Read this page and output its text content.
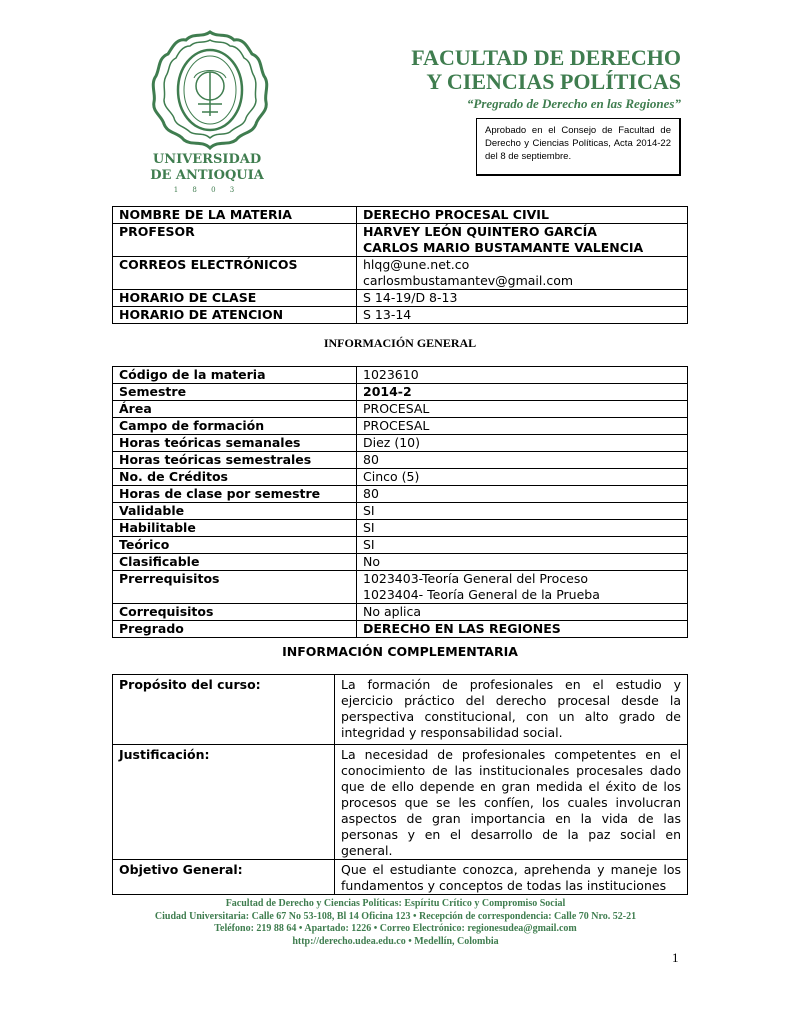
UNIVERSIDAD
DE ANTIOQUIA
1 8 0 3
FACULTAD DE DERECHO
Y CIENCIAS POLÍTICAS
“Pregrado de Derecho en las Regiones”
Aprobado en el Consejo de Facultad de Derecho y Ciencias Políticas, Acta 2014-22 del 8 de septiembre.
NOMBRE DE LA MATERIA	DERECHO PROCESAL CIVIL
PROFESOR	HARVEY LEÓN QUINTERO GARCÍA
CARLOS MARIO BUSTAMANTE VALENCIA

CORREOS ELECTRÓNICOS	hlqg@une.net.co
carlosmbustamantev@gmail.com

HORARIO DE CLASE	S 14-19/D 8-13
HORARIO DE ATENCION	S 13-14
INFORMACIÓN GENERAL
Código de la materia	1023610
Semestre	2014-2
Área	PROCESAL
Campo de formación	PROCESAL
Horas teóricas semanales	Diez (10)
Horas teóricas semestrales	80
No. de Créditos	Cinco (5)
Horas de clase por semestre	80
Validable	SI
Habilitable	SI
Teórico	SI
Clasificable	No
Prerrequisitos	1023403-Teoría General del Proceso
1023404- Teoría General de la Prueba

Correquisitos	No aplica
Pregrado	DERECHO EN LAS REGIONES
INFORMACIÓN COMPLEMENTARIA
Propósito del curso:	La formación de profesionales en el estudio y ejercicio práctico del derecho procesal desde la perspectiva constitucional, con un alto grado de integridad y responsabilidad social.
Justificación:	La necesidad de profesionales competentes en el conocimiento de las institucionales procesales dado que de ello depende en gran medida el éxito de los procesos que se les confíen, los cuales involucran aspectos de gran importancia en la vida de las personas y en el desarrollo de la paz social en general.
Objetivo General:	Que el estudiante conozca, aprehenda y maneje los fundamentos y conceptos de todas las instituciones
Facultad de Derecho y Ciencias Políticas: Espíritu Crítico y Compromiso Social
Ciudad Universitaria: Calle 67 No 53-108, Bl 14 Oficina 123 • Recepción de correspondencia: Calle 70 Nro. 52-21
Teléfono: 219 88 64 • Apartado: 1226 • Correo Electrónico: regionesudea@gmail.com
http://derecho.udea.edu.co • Medellín, Colombia
1
